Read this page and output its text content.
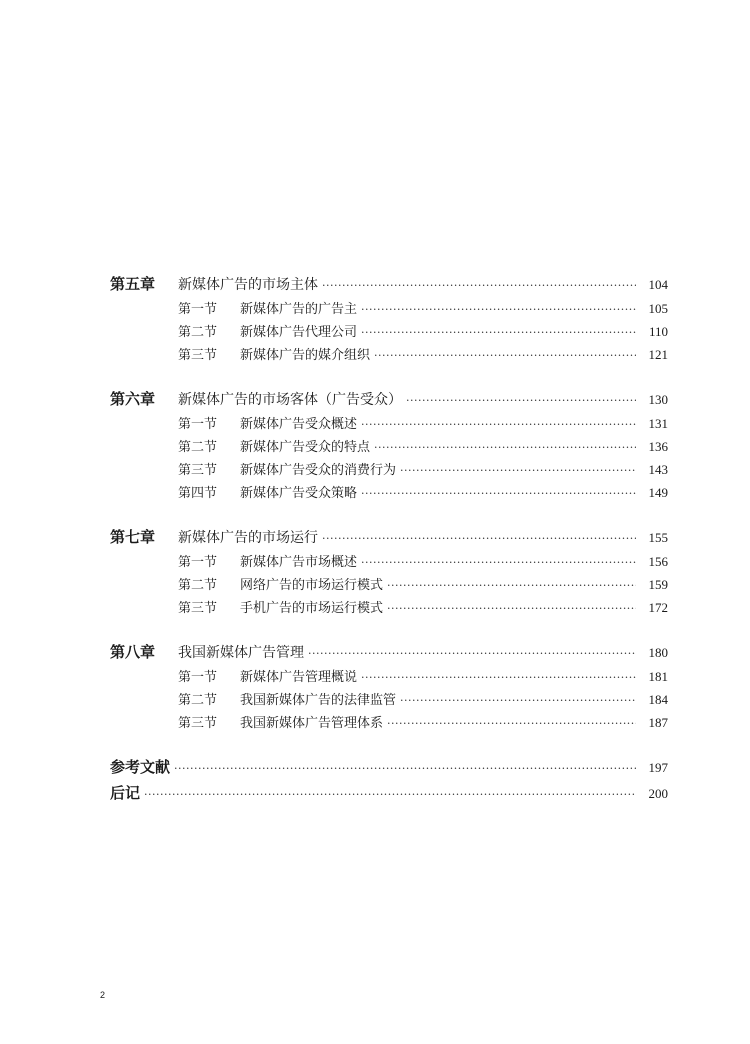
第五章	新媒体广告的市场主体 ·····	104
第一节	新媒体广告的广告主 ·····	105
第二节	新媒体广告代理公司 ·····	110
第三节	新媒体广告的媒介组织 ·····	121
第六章	新媒体广告的市场客体（广告受众） ·····	130
第一节	新媒体广告受众概述 ·····	131
第二节	新媒体广告受众的特点 ·····	136
第三节	新媒体广告受众的消费行为 ·····	143
第四节	新媒体广告受众策略 ·····	149
第七章	新媒体广告的市场运行 ·····	155
第一节	新媒体广告市场概述 ·····	156
第二节	网络广告的市场运行模式 ·····	159
第三节	手机广告的市场运行模式 ·····	172
第八章	我国新媒体广告管理 ·····	180
第一节	新媒体广告管理概说 ·····	181
第二节	我国新媒体广告的法律监管 ·····	184
第三节	我国新媒体广告管理体系 ·····	187
参考文献 ·····	197
后记 ·····	200
2
